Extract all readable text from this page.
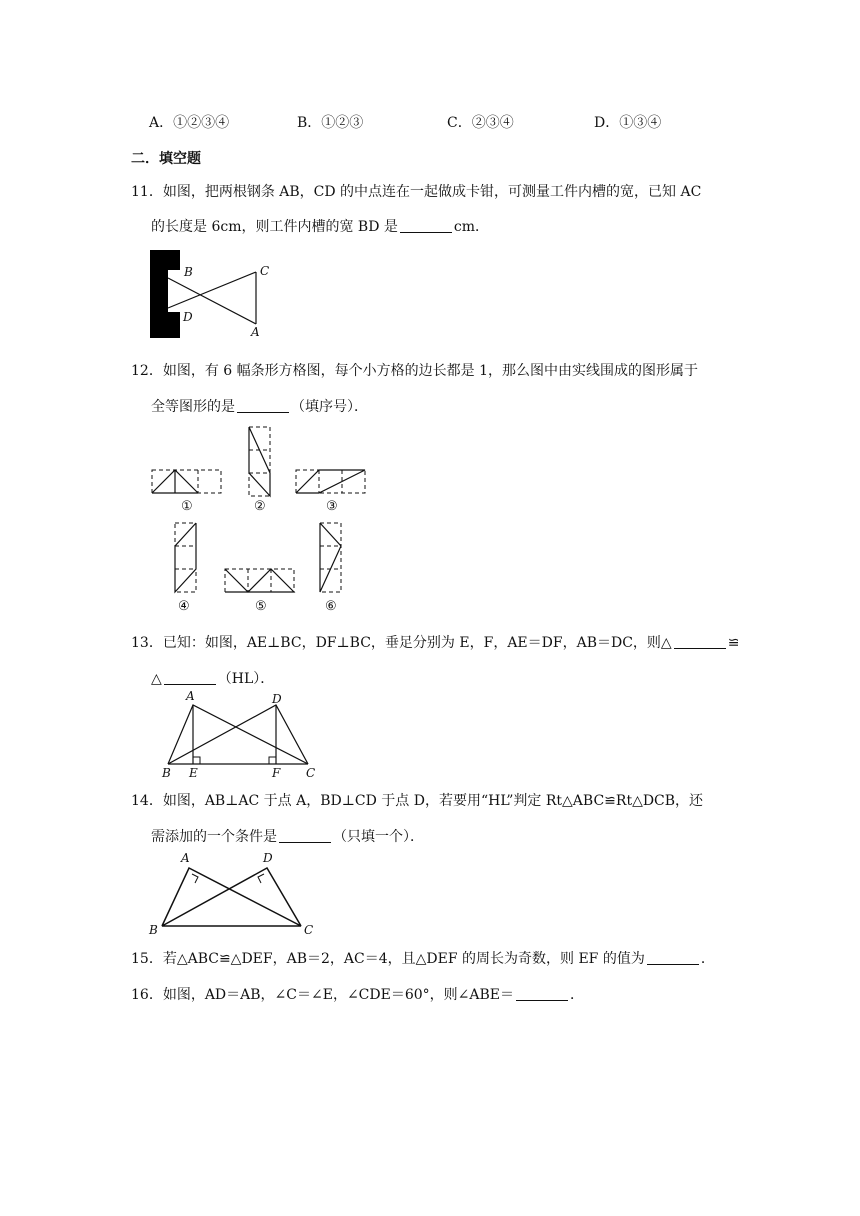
A．①②③④	B．①②③	C．②③④	D．①③④
二．填空题
11．如图，把两根钢条 AB，CD 的中点连在一起做成卡钳，可测量工件内槽的宽，已知 AC
的长度是 6cm，则工件内槽的宽 BD 是	cm．
B	C
D
A
12．如图，有 6 幅条形方格图，每个小方格的边长都是 1，那么图中由实线围成的图形属于
全等图形的是	（填序号）．
①	②	③
④	⑤	⑥
13．已知：如图，AE⊥BC，DF⊥BC，垂足分别为 E，F，AE＝DF，AB＝DC，则△	≌
△	（HL）．
A	D
B E	F C
14．如图，AB⊥AC 于点 A，BD⊥CD 于点 D，若要用“HL”判定 Rt△ABC≌Rt△DCB，还
需添加的一个条件是	（只填一个）．
A	D
B	C
15．若△ABC≌△DEF，AB＝2，AC＝4，且△DEF 的周长为奇数，则 EF 的值为	．
16．如图，AD＝AB，∠C＝∠E，∠CDE＝60°，则∠ABE＝	．
